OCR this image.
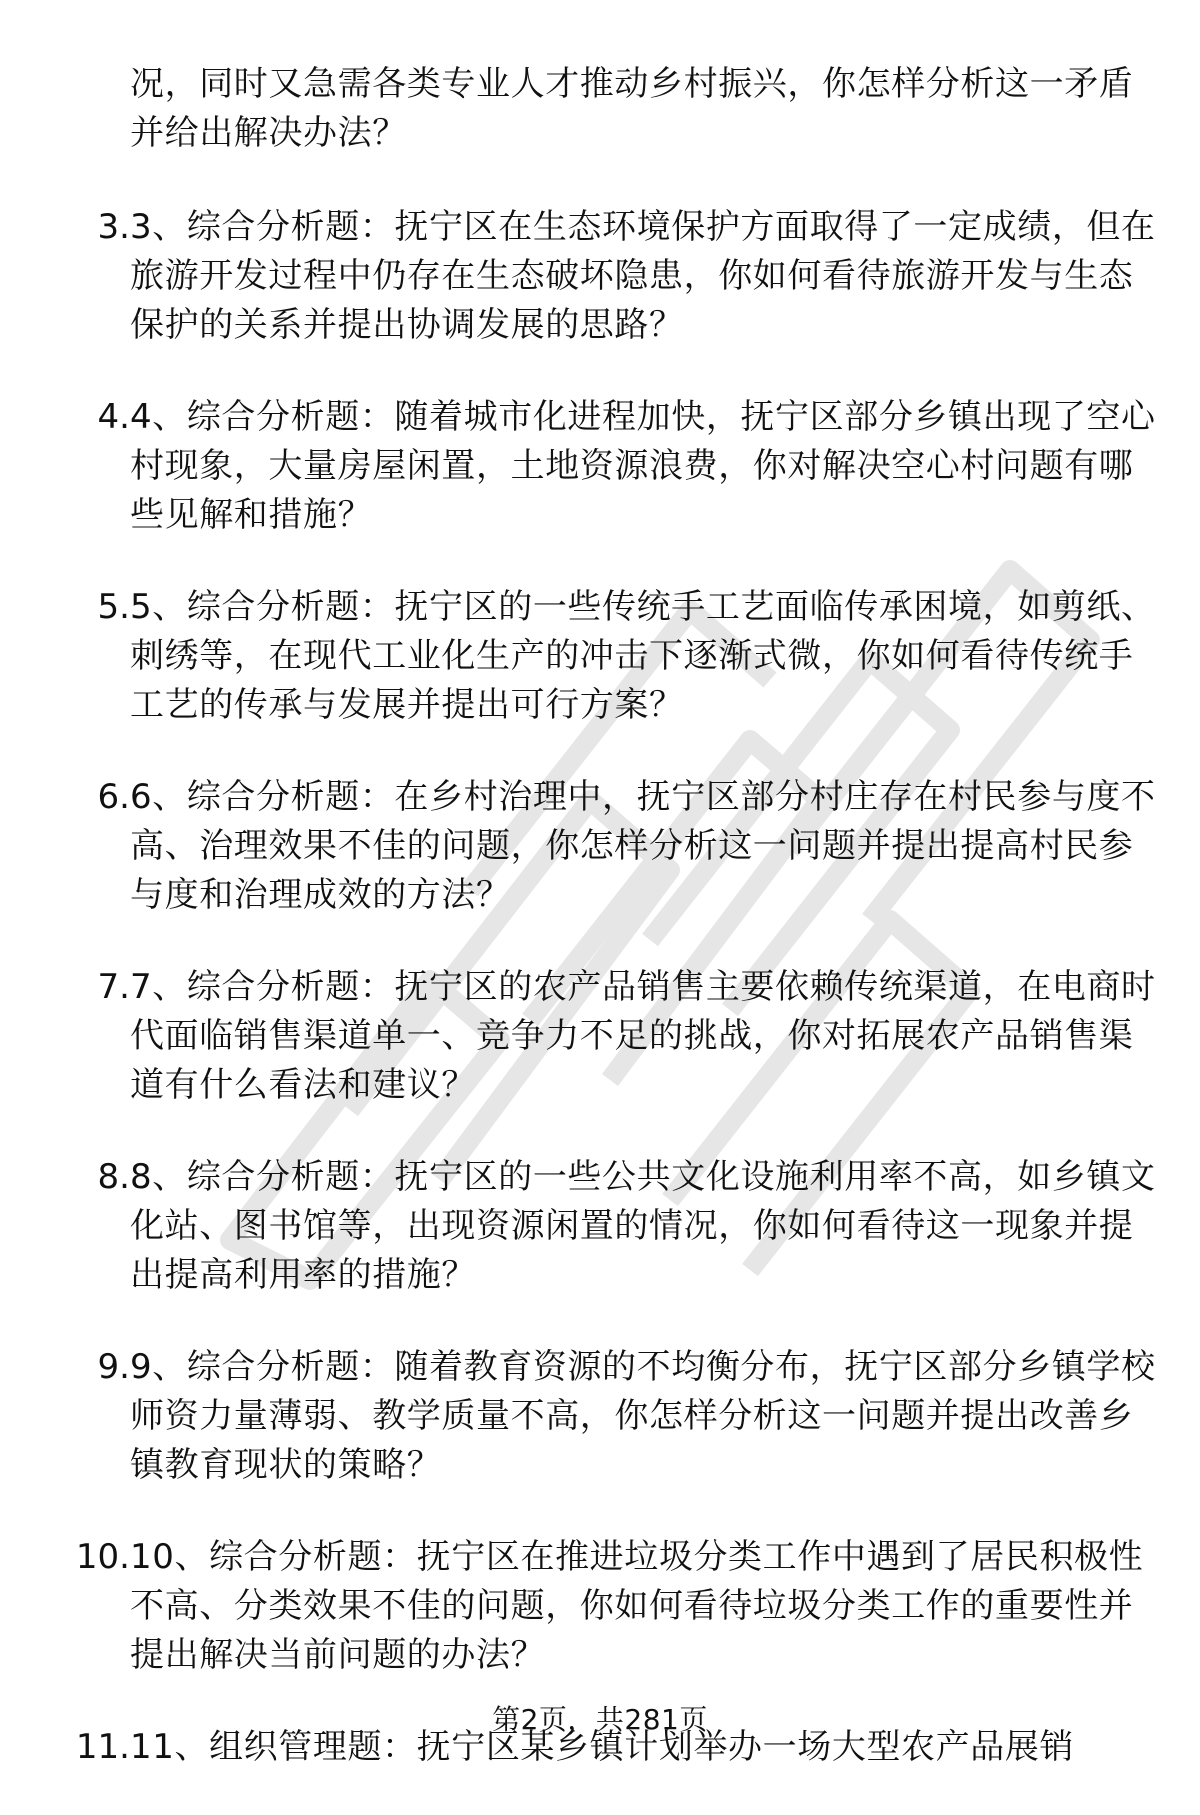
况，同时又急需各类专业人才推动乡村振兴，你怎样分析这一矛盾并给出解决办法？
3. 3、综合分析题：抚宁区在生态环境保护方面取得了一定成绩，但在旅游开发过程中仍存在生态破坏隐患，你如何看待旅游开发与生态保护的关系并提出协调发展的思路？
4. 4、综合分析题：随着城市化进程加快，抚宁区部分乡镇出现了空心村现象，大量房屋闲置，土地资源浪费，你对解决空心村问题有哪些见解和措施？
5. 5、综合分析题：抚宁区的一些传统手工艺面临传承困境，如剪纸、刺绣等，在现代工业化生产的冲击下逐渐式微，你如何看待传统手工艺的传承与发展并提出可行方案？
6. 6、综合分析题：在乡村治理中，抚宁区部分村庄存在村民参与度不高、治理效果不佳的问题，你怎样分析这一问题并提出提高村民参与度和治理成效的方法？
7. 7、综合分析题：抚宁区的农产品销售主要依赖传统渠道，在电商时代面临销售渠道单一、竞争力不足的挑战，你对拓展农产品销售渠道有什么看法和建议？
8. 8、综合分析题：抚宁区的一些公共文化设施利用率不高，如乡镇文化站、图书馆等，出现资源闲置的情况，你如何看待这一现象并提出提高利用率的措施？
9. 9、综合分析题：随着教育资源的不均衡分布，抚宁区部分乡镇学校师资力量薄弱、教学质量不高，你怎样分析这一问题并提出改善乡镇教育现状的策略？
10. 10、综合分析题：抚宁区在推进垃圾分类工作中遇到了居民积极性不高、分类效果不佳的问题，你如何看待垃圾分类工作的重要性并提出解决当前问题的办法？
11. 11、组织管理题：抚宁区某乡镇计划举办一场大型农产品展销
第2页，共281页
